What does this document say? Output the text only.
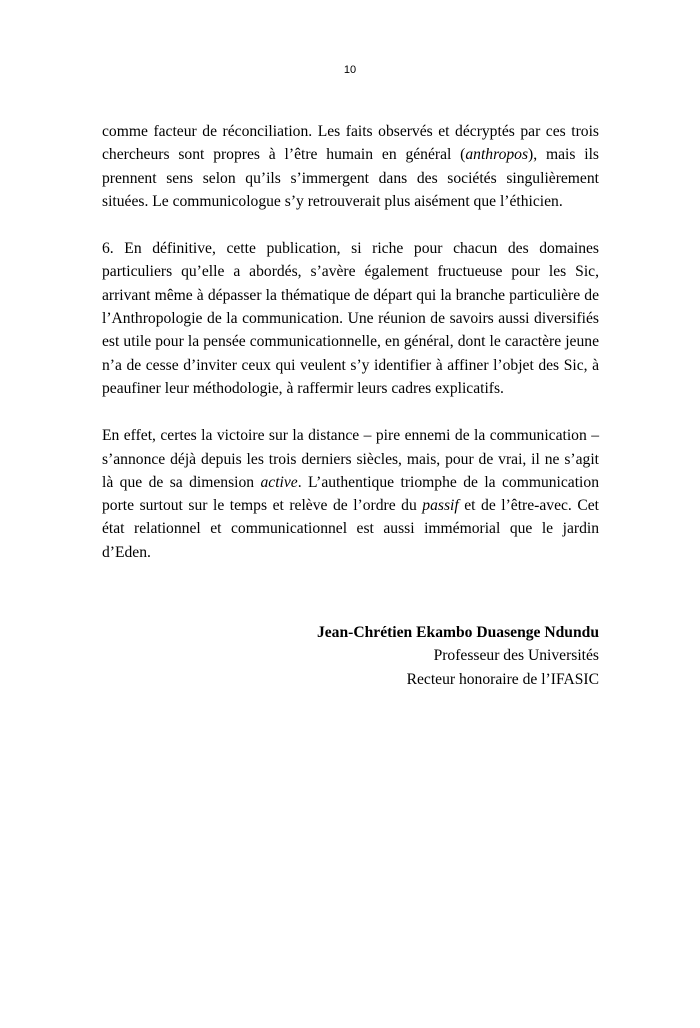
10

comme facteur de réconciliation. Les faits observés et décryptés par ces trois chercheurs sont propres à l’être humain en général (anthropos), mais ils prennent sens selon qu’ils s’immergent dans des sociétés singulièrement situées. Le communicologue s’y retrouverait plus aisément que l’éthicien.

6. En définitive, cette publication, si riche pour chacun des domaines particuliers qu’elle a abordés, s’avère également fructueuse pour les Sic, arrivant même à dépasser la thématique de départ qui la branche particulière de l’Anthropologie de la communication. Une réunion de savoirs aussi diversifiés est utile pour la pensée communicationnelle, en général, dont le caractère jeune n’a de cesse d’inviter ceux qui veulent s’y identifier à affiner l’objet des Sic, à peaufiner leur méthodologie, à raffermir leurs cadres explicatifs.

En effet, certes la victoire sur la distance – pire ennemi de la communication – s’annonce déjà depuis les trois derniers siècles, mais, pour de vrai, il ne s’agit là que de sa dimension active. L’authentique triomphe de la communication porte surtout sur le temps et relève de l’ordre du passif et de l’être-avec. Cet état relationnel et communicationnel est aussi immémorial que le jardin d’Eden.

Jean-Chrétien Ekambo Duasenge Ndundu
Professeur des Universités
Recteur honoraire de l’IFASIC
